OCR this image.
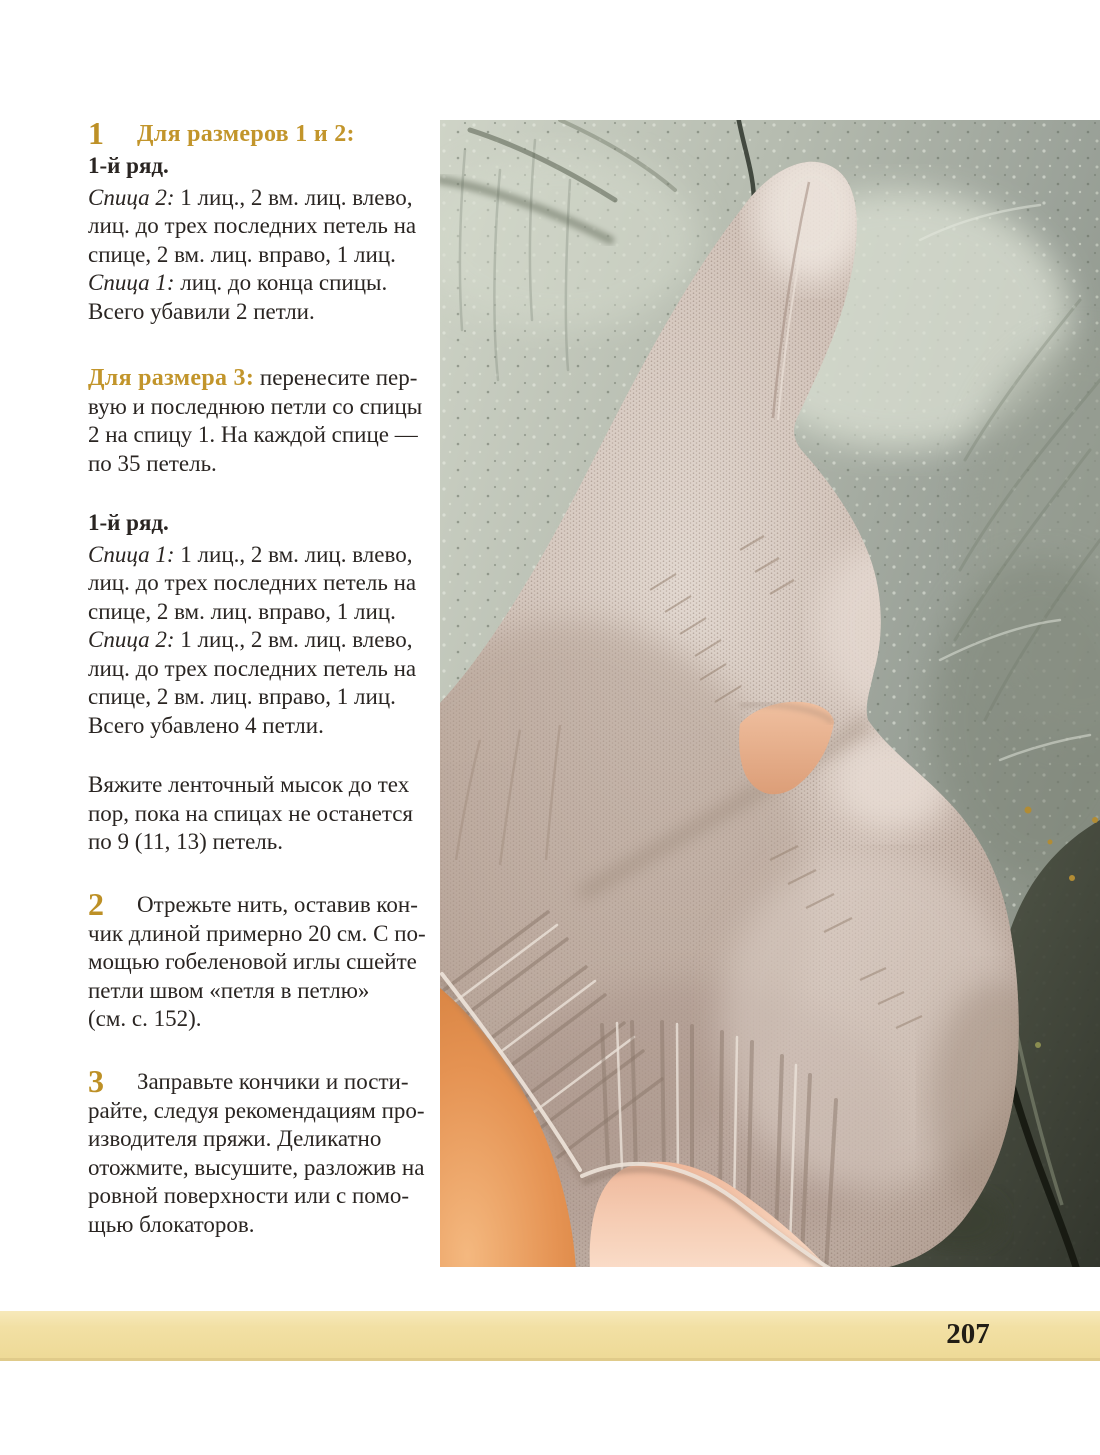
1 Для размеров 1 и 2:
1-й ряд.
Спица 2: 1 лиц., 2 вм. лиц. влево,
лиц. до трех последних петель на
спице, 2 вм. лиц. вправо, 1 лиц.
Спица 1: лиц. до конца спицы.
Всего убавили 2 петли.
Для размера 3: перенесите пер-
вую и последнюю петли со спицы
2 на спицу 1. На каждой спице —
по 35 петель.
1-й ряд.
Спица 1: 1 лиц., 2 вм. лиц. влево,
лиц. до трех последних петель на
спице, 2 вм. лиц. вправо, 1 лиц.
Спица 2: 1 лиц., 2 вм. лиц. влево,
лиц. до трех последних петель на
спице, 2 вм. лиц. вправо, 1 лиц.
Всего убавлено 4 петли.
Вяжите ленточный мысок до тех
пор, пока на спицах не останется
по 9 (11, 13) петель.
2 Отрежьте нить, оставив кон-
чик длиной примерно 20 см. С по-
мощью гобеленовой иглы сшейте
петли швом «петля в петлю»
(см. с. 152).
3 Заправьте кончики и пости-
райте, следуя рекомендациям про-
изводителя пряжи. Деликатно
отожмите, высушите, разложив на
ровной поверхности или с помо-
щью блокаторов.
207
